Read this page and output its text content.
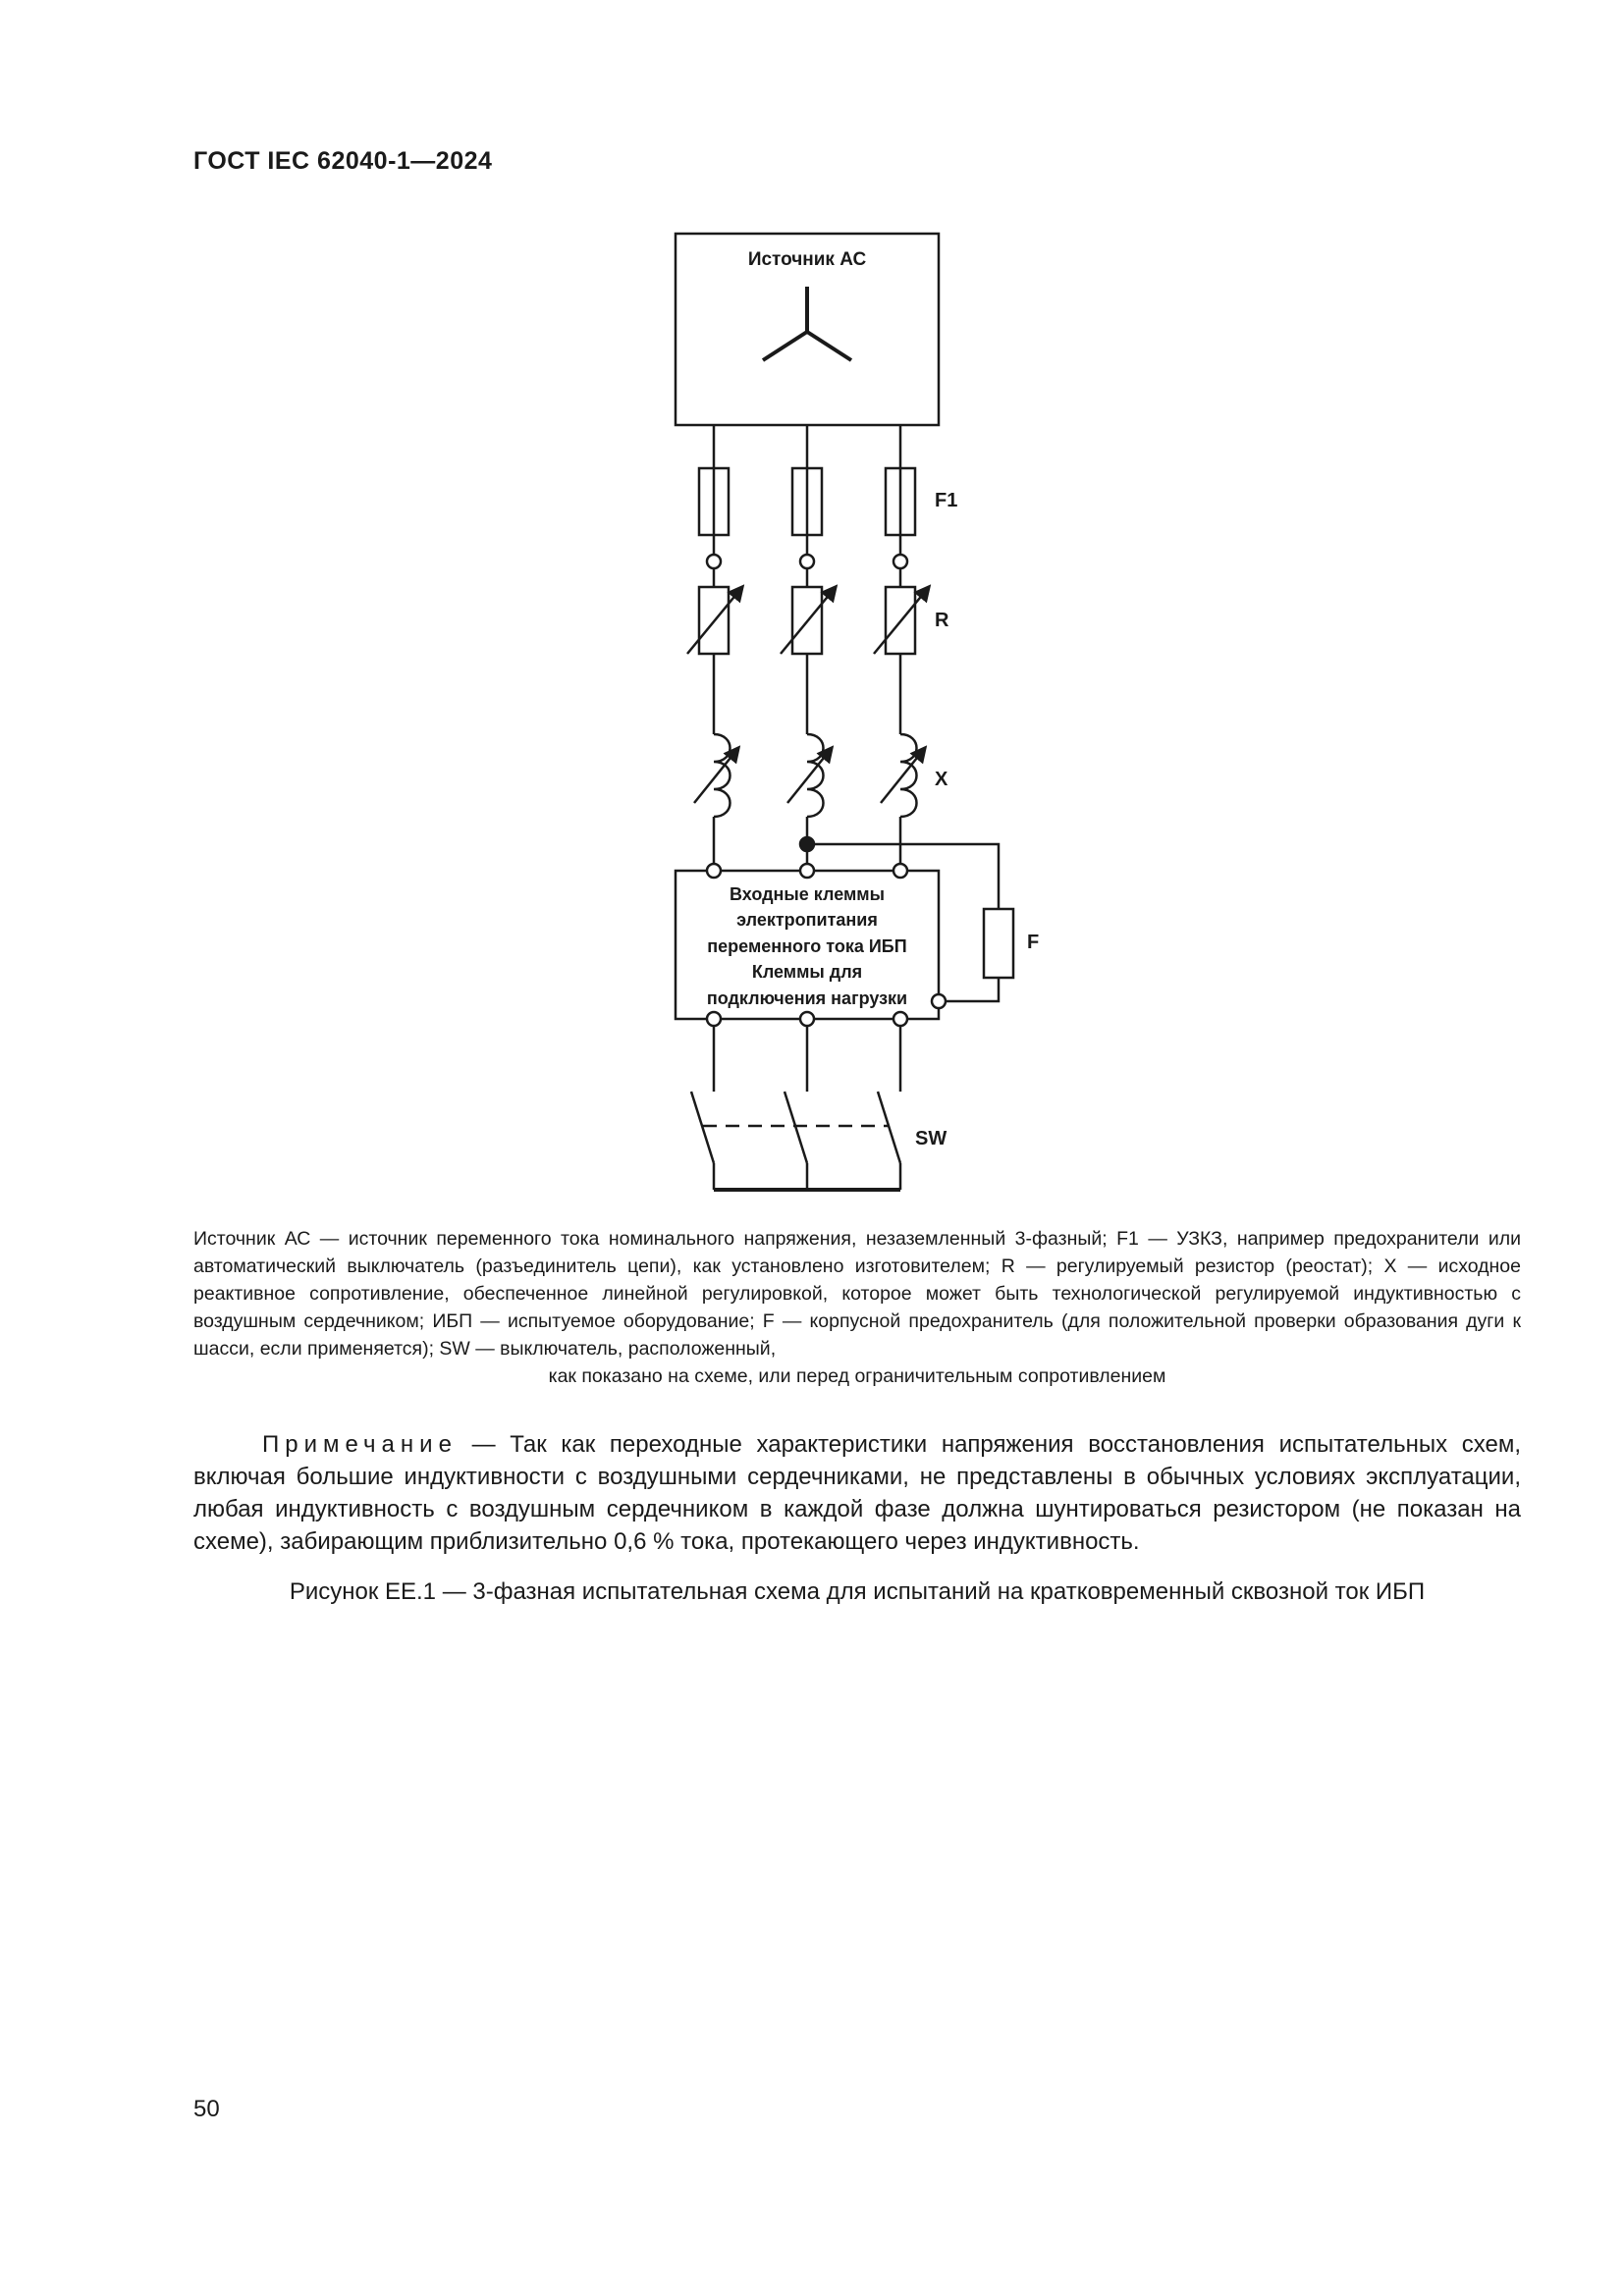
ГОСТ IEC 62040-1—2024
Источник АС
F1
R
X
Входные клеммы
электропитания
переменного тока ИБП
Клеммы для
подключения нагрузки
F
SW
Источник АС — источник переменного тока номинального напряжения, незаземленный 3-фазный; F1 — УЗКЗ, например предохранители или автоматический выключатель (разъединитель цепи), как установлено изготовителем; R — регулируемый резистор (реостат); Х — исходное реактивное сопротивление, обеспеченное линейной регулировкой, которое может быть технологической регулируемой индуктивностью с воздушным сердечником; ИБП — испытуемое оборудование; F — корпусной предохранитель (для положительной проверки образования дуги к шасси, если применяется); SW — выключатель, расположенный,
как показано на схеме, или перед ограничительным сопротивлением
Примечание — Так как переходные характеристики напряжения восстановления испытательных схем, включая большие индуктивности с воздушными сердечниками, не представлены в обычных условиях эксплуатации, любая индуктивность с воздушным сердечником в каждой фазе должна шунтироваться резистором (не показан на схеме), забирающим приблизительно 0,6 % тока, протекающего через индуктивность.
Рисунок ЕЕ.1 — 3-фазная испытательная схема для испытаний на кратковременный сквозной ток ИБП
50
